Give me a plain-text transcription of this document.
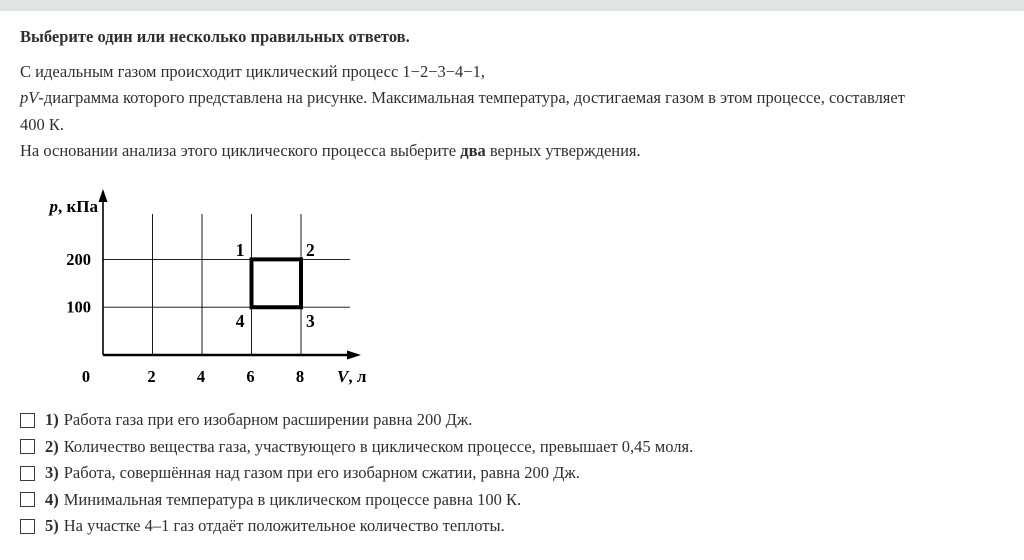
Выберите один или несколько правильных ответов.
С идеальным газом происходит циклический процесс 1−2−3−4−1,
pV-диаграмма которого представлена на рисунке. Максимальная температура, достигаемая газом в этом процессе, составляет
400 К.
На основании анализа этого циклического процесса выберите два верных утверждения.
1	2
3
4
0	2	4	6	8
100
200
p, кПа
V, л
1) Работа газа при его изобарном расширении равна 200 Дж.
2) Количество вещества газа, участвующего в циклическом процессе, превышает 0,45 моля.
3) Работа, совершённая над газом при его изобарном сжатии, равна 200 Дж.
4) Минимальная температура в циклическом процессе равна 100 К.
5) На участке 4–1 газ отдаёт положительное количество теплоты.
